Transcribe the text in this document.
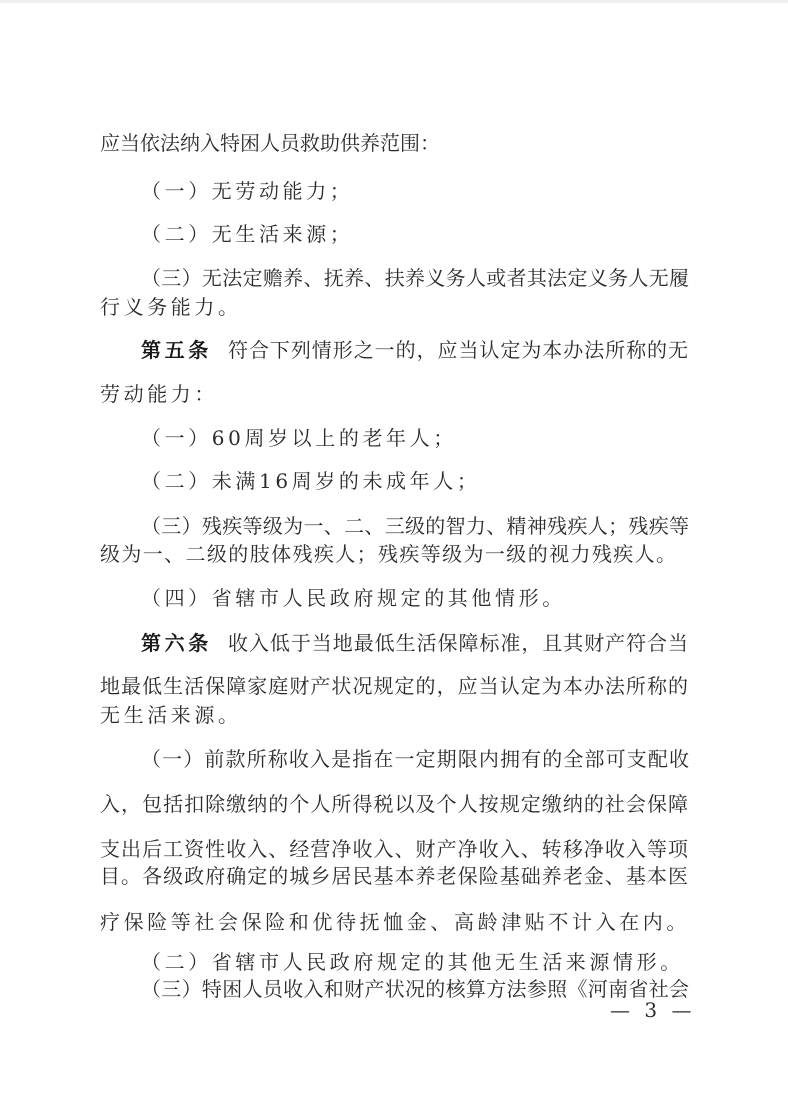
应当依法纳入特困人员救助供养范围：
（一）无劳动能力；
（二）无生活来源；
（三）无法定赡养、抚养、扶养义务人或者其法定义务人无履
行义务能力。
第五条 符合下列情形之一的，应当认定为本办法所称的无
劳动能力：
（一）60周岁以上的老年人；
（二）未满16周岁的未成年人；
（三）残疾等级为一、二、三级的智力、精神残疾人；残疾等
级为一、二级的肢体残疾人；残疾等级为一级的视力残疾人。
（四）省辖市人民政府规定的其他情形。
第六条 收入低于当地最低生活保障标准，且其财产符合当
地最低生活保障家庭财产状况规定的，应当认定为本办法所称的
无生活来源。
（一）前款所称收入是指在一定期限内拥有的全部可支配收
入，包括扣除缴纳的个人所得税以及个人按规定缴纳的社会保障
支出后工资性收入、经营净收入、财产净收入、转移净收入等项
目。各级政府确定的城乡居民基本养老保险基础养老金、基本医
疗保险等社会保险和优待抚恤金、高龄津贴不计入在内。
（二）省辖市人民政府规定的其他无生活来源情形。
（三）特困人员收入和财产状况的核算方法参照《河南省社会
— 3 —
